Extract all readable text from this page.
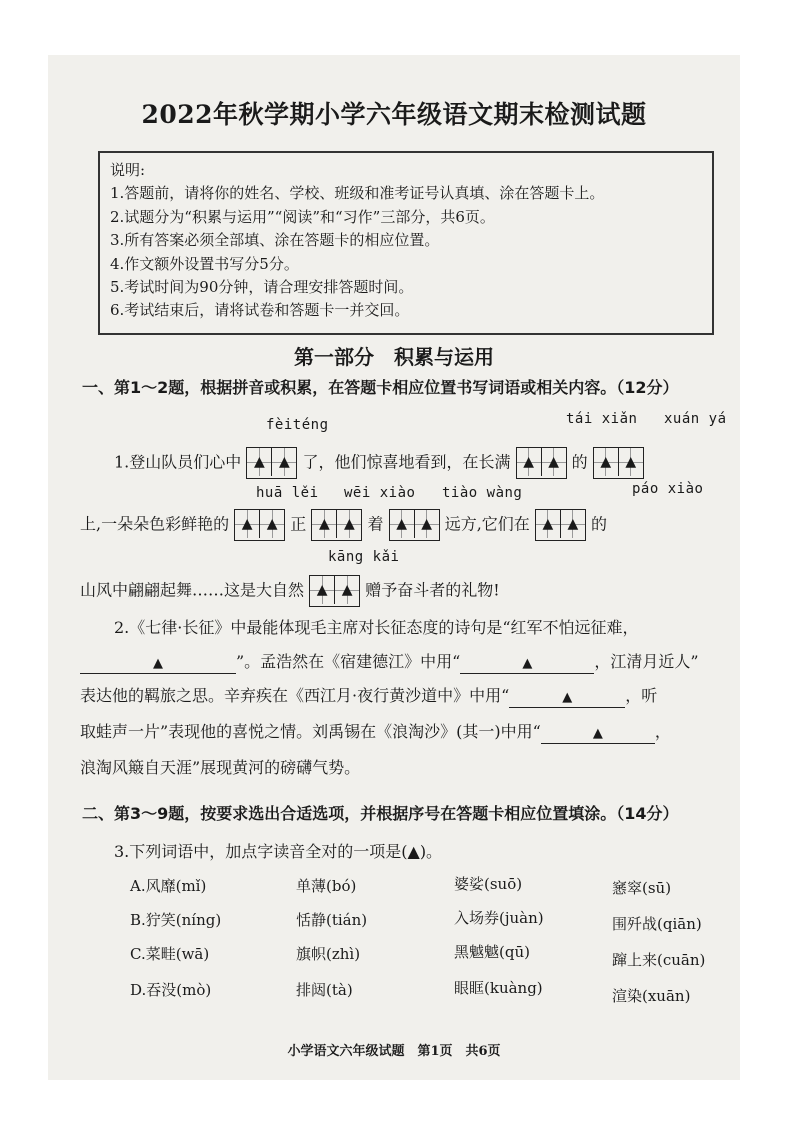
2022年秋学期小学六年级语文期末检测试题
说明:
1.答题前，请将你的姓名、学校、班级和准考证号认真填、涂在答题卡上。
2.试题分为“积累与运用”“阅读”和“习作”三部分，共6页。
3.所有答案必须全部填、涂在答题卡的相应位置。
4.作文额外设置书写分5分。
5.考试时间为90分钟，请合理安排答题时间。
6.考试结束后，请将试卷和答题卡一并交回。
第一部分　积累与运用
一、第1～2题，根据拼音或积累，在答题卡相应位置书写词语或相关内容。（12分）
fèiténg	tái xiǎn xuán yá
1.登山队员们心中 ▲	▲ 了，他们惊喜地看到，在长满 ▲	▲ 的 ▲	▲
huā lěi wēi xiào tiào wàng	páo xiào
上,一朵朵色彩鲜艳的 ▲	▲ 正 ▲	▲ 着 ▲	▲ 远方,它们在 ▲	▲ 的
kāng kǎi
山风中翩翩起舞……这是大自然 ▲	▲ 赠予奋斗者的礼物!
2.《七律·长征》中最能体现毛主席对长征态度的诗句是“红军不怕远征难，
▲	”。孟浩然在《宿建德江》中用“	▲	，江清月近人”
表达他的羁旅之思。辛弃疾在《西江月·夜行黄沙道中》中用“	▲	，听
取蛙声一片”表现他的喜悦之情。刘禹锡在《浪淘沙》(其一)中用“	▲	，
浪淘风簸自天涯”展现黄河的磅礴气势。
二、第3～9题，按要求选出合适选项，并根据序号在答题卡相应位置填涂。（14分）
3.下列词语中，加点字读音全对的一项是(▲)。
A.风靡(mǐ)	单薄(bó)	婆娑(suō)	窸窣(sū)
B.狞笑(níng)	恬静(tián)	入场券(juàn)	围歼战(qiān)
C.菜畦(wā)	旗帜(zhì)	黑魆魆(qū)	蹿上来(cuān)
D.吞没(mò)	排闼(tà)	眼眶(kuàng)	渲染(xuān)
小学语文六年级试题　第1页　共6页
